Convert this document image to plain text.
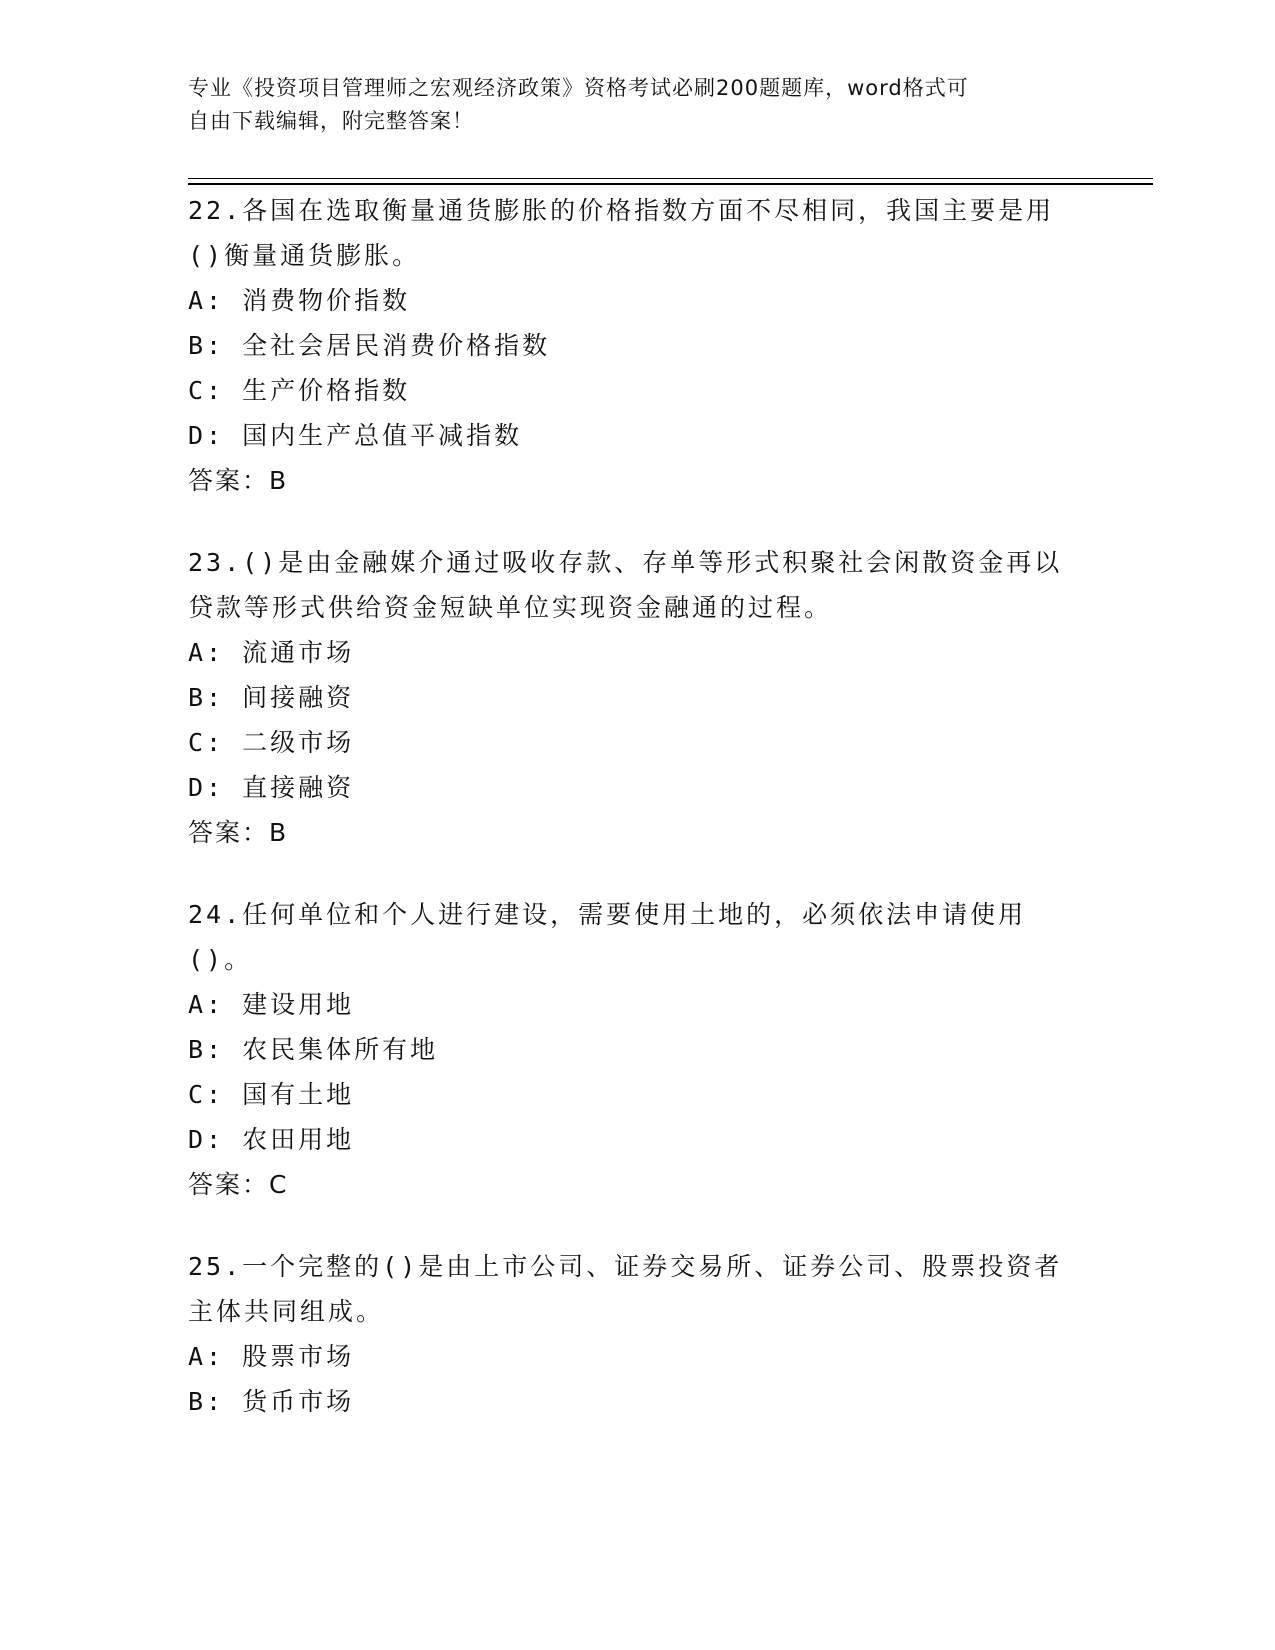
专业《投资项目管理师之宏观经济政策》资格考试必刷200题题库，word格式可
自由下载编辑，附完整答案！

22.各国在选取衡量通货膨胀的价格指数方面不尽相同，我国主要是用()衡量通货膨胀。

A: 消费物价指数

B: 全社会居民消费价格指数

C: 生产价格指数

D: 国内生产总值平减指数

答案：B

23.()是由金融媒介通过吸收存款、存单等形式积聚社会闲散资金再以贷款等形式供给资金短缺单位实现资金融通的过程。

A: 流通市场

B: 间接融资

C: 二级市场

D: 直接融资

答案：B

24.任何单位和个人进行建设，需要使用土地的，必须依法申请使用()。

A: 建设用地

B: 农民集体所有地

C: 国有土地

D: 农田用地

答案：C

25.一个完整的()是由上市公司、证券交易所、证券公司、股票投资者主体共同组成。

A: 股票市场

B: 货币市场
